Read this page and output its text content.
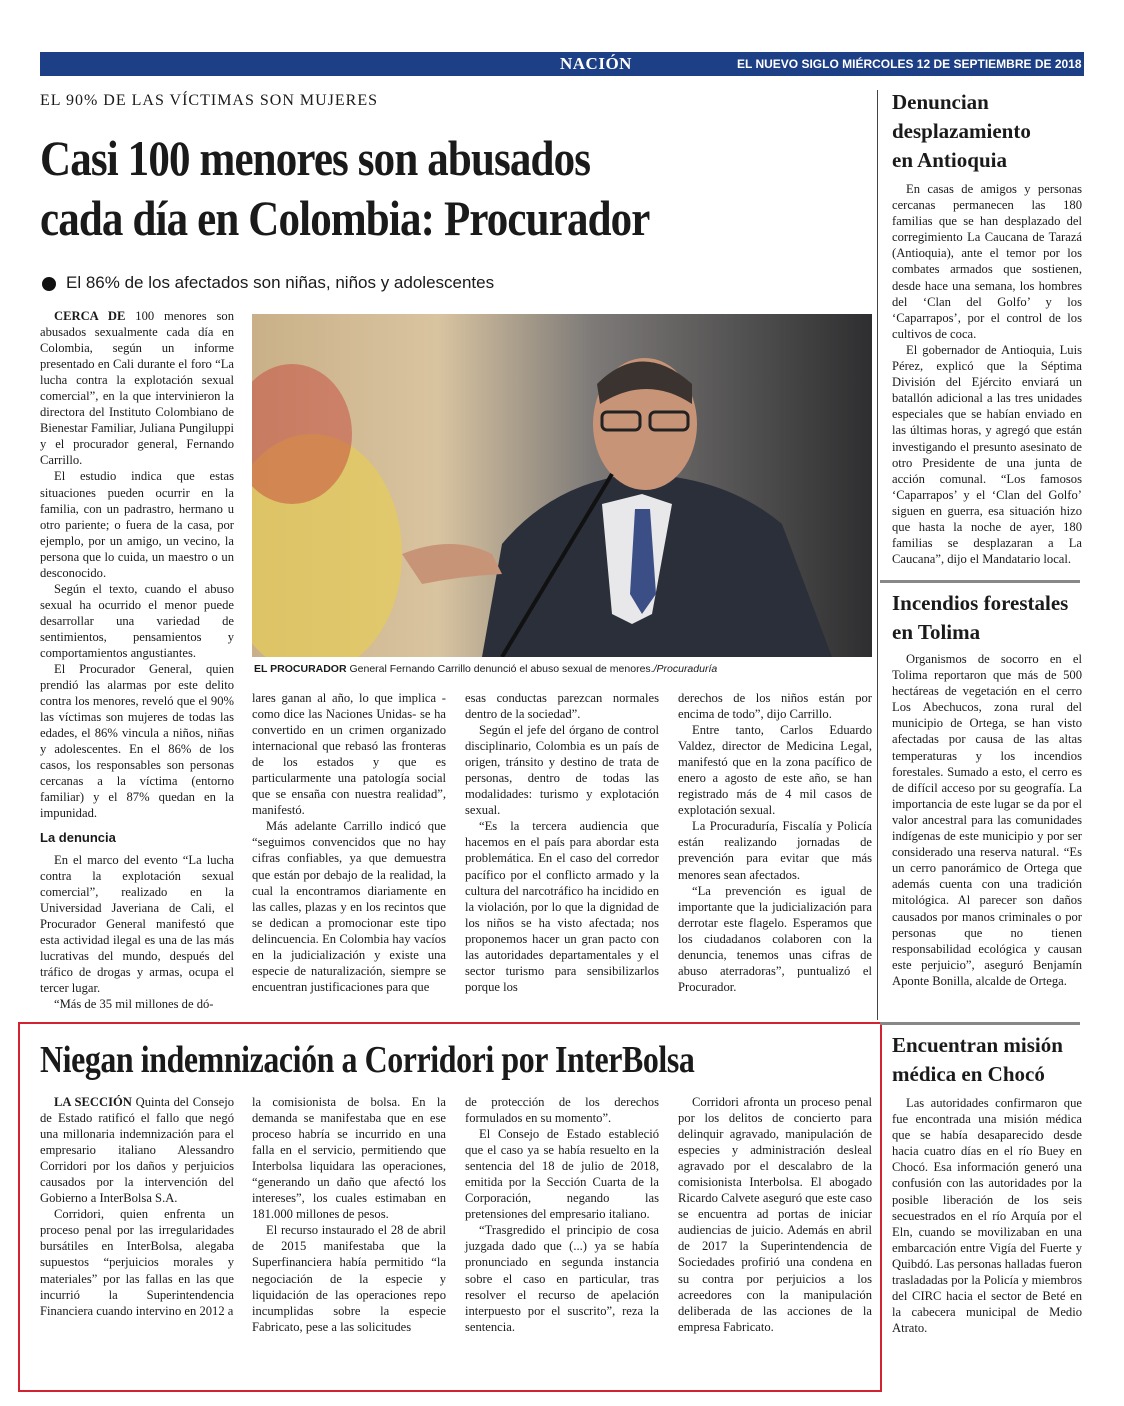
NACIÓN	EL NUEVO SIGLO MIÉRCOLES 12 DE SEPTIEMBRE DE 2018 19A
EL 90% DE LAS VÍCTIMAS SON MUJERES
Casi 100 menores son abusados
cada día en Colombia: Procurador
El 86% de los afectados son niñas, niños y adolescentes

CERCA DE 100 menores son abusados sexualmente cada día en Colombia, según un informe presentado en Cali durante el foro “La lucha contra la explotación sexual comercial”, en la que intervinieron la directora del Instituto Colombiano de Bienestar Familiar, Juliana Pungiluppi y el procurador general, Fernando Carrillo.

El estudio indica que estas situaciones pueden ocurrir en la familia, con un padrastro, hermano u otro pariente; o fuera de la casa, por ejemplo, por un amigo, un vecino, la persona que lo cuida, un maestro o un desconocido.

Según el texto, cuando el abuso sexual ha ocurrido el menor puede desarrollar una variedad de sentimientos, pensamientos y comportamientos angustiantes.

El Procurador General, quien prendió las alarmas por este delito contra los menores, reveló que el 90% las víctimas son mujeres de todas las edades, el 86% vincula a niños, niñas y adolescentes. En el 86% de los casos, los responsables son personas cercanas a la víctima (entorno familiar) y el 87% quedan en la impunidad.

La denuncia

En el marco del evento “La lucha contra la explotación sexual comercial”, realizado en la Universidad Javeriana de Cali, el Procurador General manifestó que esta actividad ilegal es una de las más lucrativas del mundo, después del tráfico de drogas y armas, ocupa el tercer lugar.

“Más de 35 mil millones de dó-

EL PROCURADOR General Fernando Carrillo denunció el abuso sexual de menores./Procuraduría

lares ganan al año, lo que implica -como dice las Naciones Unidas- se ha convertido en un crimen organizado internacional que rebasó las fronteras de los estados y que es particularmente una patología social que se ensaña con nuestra realidad”, manifestó.

Más adelante Carrillo indicó que “seguimos convencidos que no hay cifras confiables, ya que demuestra que están por debajo de la realidad, la cual la encontramos diariamente en las calles, plazas y en los recintos que se dedican a promocionar este tipo delincuencia. En Colombia hay vacíos en la judicialización y existe una especie de naturalización, siempre se encuentran justificaciones para que

esas conductas parezcan normales dentro de la sociedad”.

Según el jefe del órgano de control disciplinario, Colombia es un país de origen, tránsito y destino de trata de personas, dentro de todas las modalidades: turismo y explotación sexual.

“Es la tercera audiencia que hacemos en el país para abordar esta problemática. En el caso del corredor pacífico por el conflicto armado y la cultura del narcotráfico ha incidido en la violación, por lo que la dignidad de los niños se ha visto afectada; nos proponemos hacer un gran pacto con las autoridades departamentales y el sector turismo para sensibilizarlos porque los

derechos de los niños están por encima de todo”, dijo Carrillo.

Entre tanto, Carlos Eduardo Valdez, director de Medicina Legal, manifestó que en la zona pacífico de enero a agosto de este año, se han registrado más de 4 mil casos de explotación sexual.

La Procuraduría, Fiscalía y Policía están realizando jornadas de prevención para evitar que más menores sean afectados.

“La prevención es igual de importante que la judicialización para derrotar este flagelo. Esperamos que los ciudadanos colaboren con la denuncia, tenemos unas cifras de abuso aterradoras”, puntualizó el Procurador.

Niegan indemnización a Corridori por InterBolsa

LA SECCIÓN Quinta del Consejo de Estado ratificó el fallo que negó una millonaria indemnización para el empresario italiano Alessandro Corridori por los daños y perjuicios causados por la intervención del Gobierno a InterBolsa S.A.

Corridori, quien enfrenta un proceso penal por las irregularidades bursátiles en InterBolsa, alegaba supuestos “perjuicios morales y materiales” por las fallas en las que incurrió la Superintendencia Financiera cuando intervino en 2012 a

la comisionista de bolsa. En la demanda se manifestaba que en ese proceso habría se incurrido en una falla en el servicio, permitiendo que Interbolsa liquidara las operaciones, “generando un daño que afectó los intereses”, los cuales estimaban en 181.000 millones de pesos.

El recurso instaurado el 28 de abril de 2015 manifestaba que la Superfinanciera había permitido “la negociación de la especie y liquidación de las operaciones repo incumplidas sobre la especie Fabricato, pese a las solicitudes

de protección de los derechos formulados en su momento”.

El Consejo de Estado estableció que el caso ya se había resuelto en la sentencia del 18 de julio de 2018, emitida por la Sección Cuarta de la Corporación, negando las pretensiones del empresario italiano.

“Trasgredido el principio de cosa juzgada dado que (...) ya se había pronunciado en segunda instancia sobre el caso en particular, tras resolver el recurso de apelación interpuesto por el suscrito”, reza la sentencia.

Corridori afronta un proceso penal por los delitos de concierto para delinquir agravado, manipulación de especies y administración desleal agravado por el descalabro de la comisionista Interbolsa. El abogado Ricardo Calvete aseguró que este caso se encuentra ad portas de iniciar audiencias de juicio. Además en abril de 2017 la Superintendencia de Sociedades profirió una condena en su contra por perjuicios a los acreedores con la manipulación deliberada de las acciones de la empresa Fabricato.

Denuncian desplazamiento en Antioquia

En casas de amigos y personas cercanas permanecen las 180 familias que se han desplazado del corregimiento La Caucana de Tarazá (Antioquia), ante el temor por los combates armados que sostienen, desde hace una semana, los hombres del ‘Clan del Golfo’ y los ‘Caparrapos’, por el control de los cultivos de coca.

El gobernador de Antioquia, Luis Pérez, explicó que la Séptima División del Ejército enviará un batallón adicional a las tres unidades especiales que se habían enviado en las últimas horas, y agregó que están investigando el presunto asesinato de otro Presidente de una junta de acción comunal. “Los famosos ‘Caparrapos’ y el ‘Clan del Golfo’ siguen en guerra, esa situación hizo que hasta la noche de ayer, 180 familias se desplazaran a La Caucana”, dijo el Mandatario local.

Incendios forestales en Tolima

Organismos de socorro en el Tolima reportaron que más de 500 hectáreas de vegetación en el cerro Los Abechucos, zona rural del municipio de Ortega, se han visto afectadas por causa de las altas temperaturas y los incendios forestales. Sumado a esto, el cerro es de difícil acceso por su geografía. La importancia de este lugar se da por el valor ancestral para las comunidades indígenas de este municipio y por ser considerado una reserva natural. “Es un cerro panorámico de Ortega que además cuenta con una tradición mitológica. Al parecer son daños causados por manos criminales o por personas que no tienen responsabilidad ecológica y causan este perjuicio”, aseguró Benjamín Aponte Bonilla, alcalde de Ortega.

Encuentran misión médica en Chocó

Las autoridades confirmaron que fue encontrada una misión médica que se había desaparecido desde hacia cuatro días en el río Buey en Chocó. Esa información generó una confusión con las autoridades por la posible liberación de los seis secuestrados en el río Arquía por el Eln, cuando se movilizaban en una embarcación entre Vigía del Fuerte y Quibdó. Las personas halladas fueron trasladadas por la Policía y miembros del CIRC hacia el sector de Beté en la cabecera municipal de Medio Atrato.
